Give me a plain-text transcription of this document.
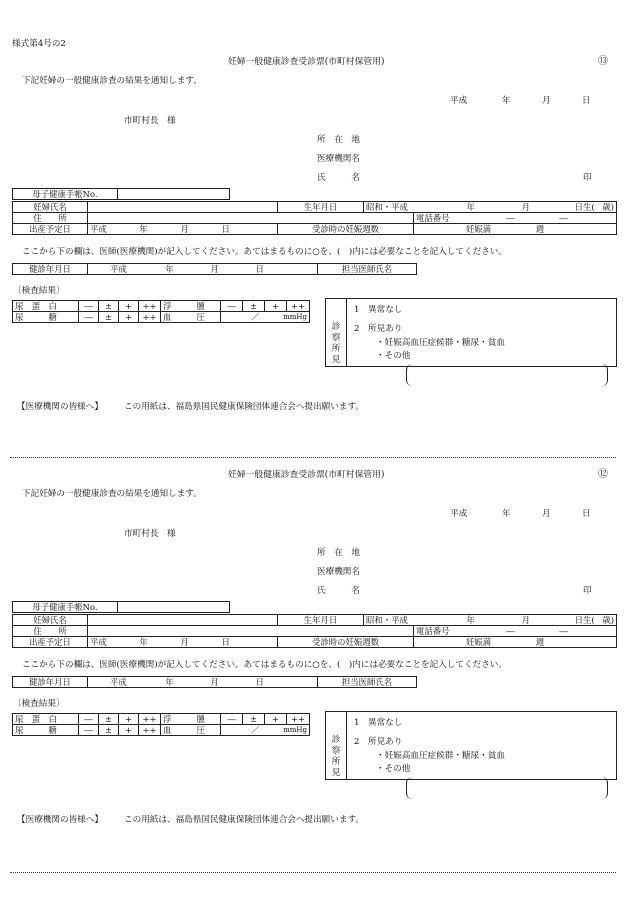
様式第4号の2
妊婦一般健康診査受診票(市町村保管用)	⑬
下記妊婦の一般健康診査の結果を通知します。
平成	年	月	日
市町村長　様
所　在　地
医療機関名
氏　　　名	印
母子健康手帳No.	
妊婦氏名		生年月日	昭和・平成 年 月 日生( 歳)	

住　　所				電話番号 ― ―
出産予定日	平成 年 月 日	受診時の妊娠週数		妊娠満 週
ここから下の欄は、医師(医療機関)が記入してください。あてはまるものに○を、(　)内には必要なことを記入してください。
健診年月日	平成	年	月	日	担当医師氏名
〔検査結果〕
尿　蛋　白	―	±	+	++	浮　　　腫	―	±	+	++
尿　　　糖	―	±	+	++	血　　　圧	／ mmHg			
診察所見
1　異常なし
2　所見あり
・妊娠高血圧症候群・糖尿・貧血
・その他
【医療機関の皆様へ】 この用紙は、福島県国民健康保険団体連合会へ提出願います。
妊婦一般健康診査受診票(市町村保管用)	⑫
下記妊婦の一般健康診査の結果を通知します。
平成	年	月	日
市町村長　様
所　在　地
医療機関名
氏　　　名	印
母子健康手帳No.	
妊婦氏名		生年月日	昭和・平成 年 月 日生( 歳)	

住　　所				電話番号 ― ―
出産予定日	平成 年 月 日	受診時の妊娠週数		妊娠満 週
ここから下の欄は、医師(医療機関)が記入してください。あてはまるものに○を、(　)内には必要なことを記入してください。
健診年月日	平成	年	月	日	担当医師氏名
〔検査結果〕
尿　蛋　白	―	±	+	++	浮　　　腫	―	±	+	++
尿　　　糖	―	±	+	++	血　　　圧	／ mmHg			
診察所見
1　異常なし
2　所見あり
・妊娠高血圧症候群・糖尿・貧血
・その他
【医療機関の皆様へ】 この用紙は、福島県国民健康保険団体連合会へ提出願います。
